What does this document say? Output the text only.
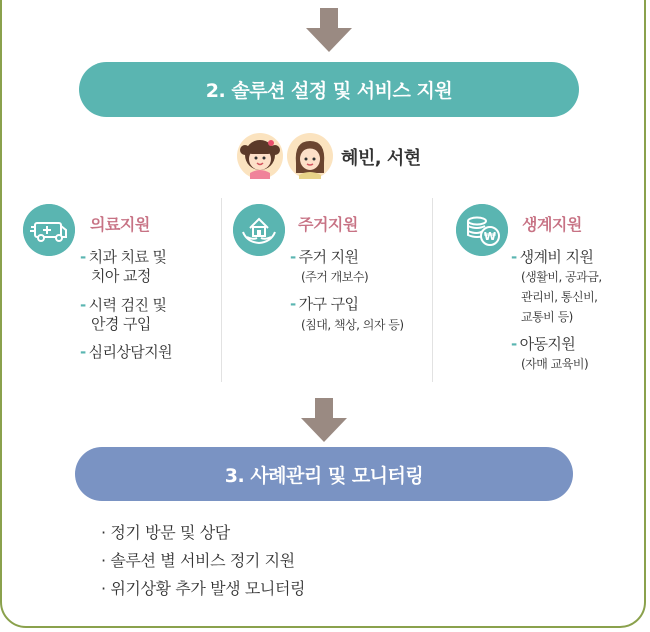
2. 솔루션 설정 및 서비스 지원
혜빈, 서현
의료지원
- 치과 치료 및
치아 교정
- 시력 검진 및
안경 구입
- 심리상담지원
주거지원
- 주거 지원
(주거 개보수)
- 가구 구입
(침대, 책상, 의자 등)
₩
생계지원
- 생계비 지원
(생활비, 공과금,
관리비, 통신비,
교통비 등)
- 아동지원
(자매 교육비)
3. 사례관리 및 모니터링
· 정기 방문 및 상담
· 솔루션 별 서비스 정기 지원
· 위기상황 추가 발생 모니터링
